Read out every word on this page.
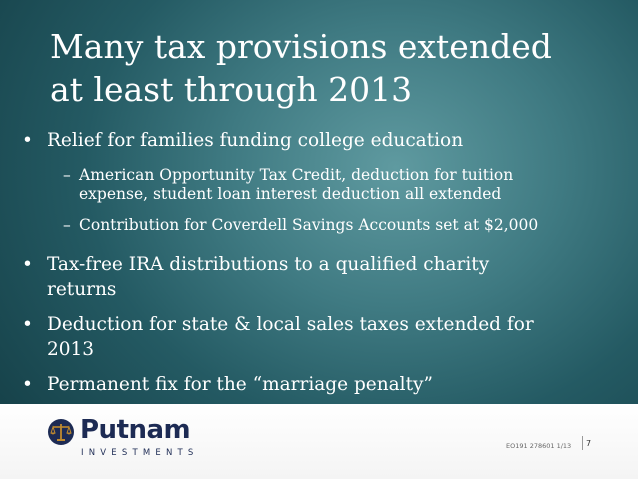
Many tax provisions extended
at least through 2013
• Relief for families funding college education
– American Opportunity Tax Credit, deduction for tuition
expense, student loan interest deduction all extended
– Contribution for Coverdell Savings Accounts set at $2,000
• Tax-free IRA distributions to a qualified charity
returns
• Deduction for state & local sales taxes extended for
2013
• Permanent fix for the “marriage penalty”
Putnam
INVESTMENTS
EO191 278601 1/13 7
